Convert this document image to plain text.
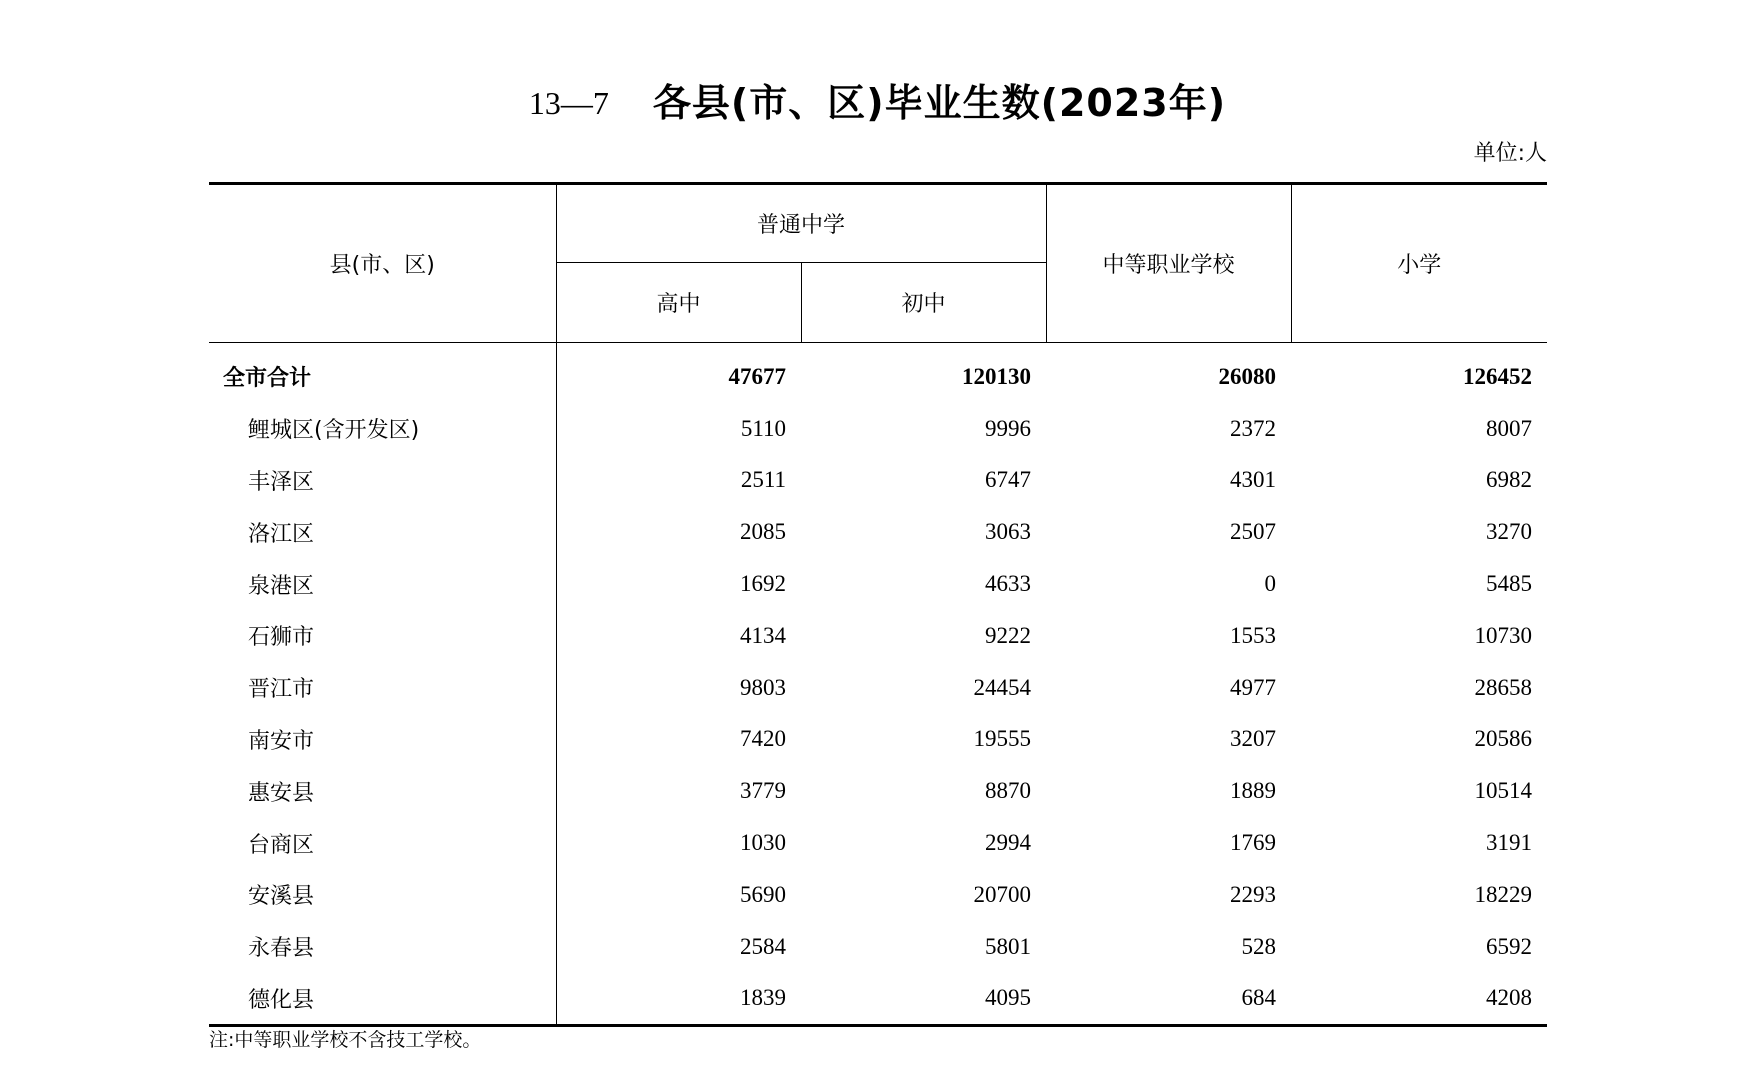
13—7 各县(市、区)毕业生数(2023年)
单位:人
县(市、区)	普通中学		中等职业学校	小学
	高中	初中		
全市合计	47677	120130	26080	126452
鲤城区(含开发区)	5110	9996	2372	8007
丰泽区	2511	6747	4301	6982
洛江区	2085	3063	2507	3270
泉港区	1692	4633	0	5485
石狮市	4134	9222	1553	10730
晋江市	9803	24454	4977	28658
南安市	7420	19555	3207	20586
惠安县	3779	8870	1889	10514
台商区	1030	2994	1769	3191
安溪县	5690	20700	2293	18229
永春县	2584	5801	528	6592
德化县	1839	4095	684	4208
注:中等职业学校不含技工学校。
